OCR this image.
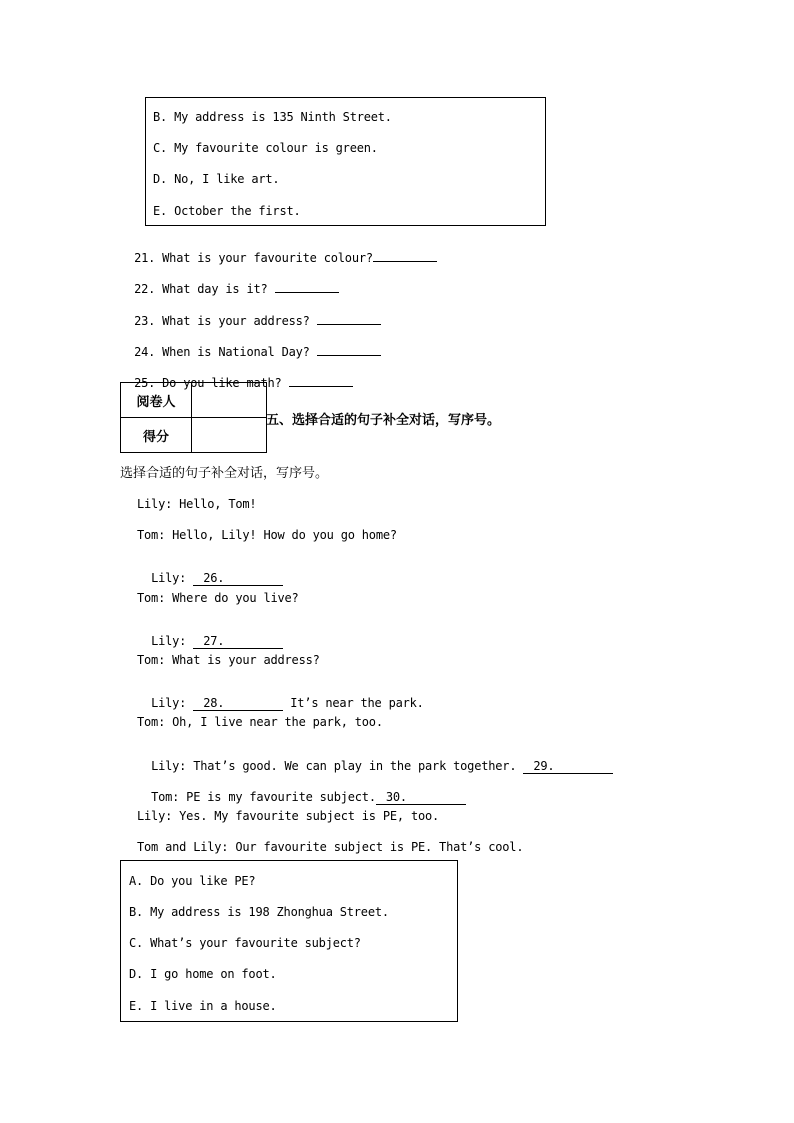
B. My address is 135 Ninth Street.
C. My favourite colour is green.
D. No, I like art.
E. October the first.

21. What is your favourite colour?

22. What day is it?

23. What is your address?

24. When is National Day?

25. Do you like math?

阅卷人	
得分	
五、选择合适的句子补全对话，写序号。
选择合适的句子补全对话，写序号。
Lily: Hello, Tom!
Tom: Hello, Lily! How do you go home?

Lily: 26.

Tom: Where do you live?

Lily: 27.

Tom: What is your address?

Lily: 28.	It’s near the park.

Tom: Oh, I live near the park, too.

Lily: That’s good. We can play in the park together. 29.

Tom: PE is my favourite subject. 30.

Lily: Yes. My favourite subject is PE, too.
Tom and Lily: Our favourite subject is PE. That’s cool.
A. Do you like PE?
B. My address is 198 Zhonghua Street.
C. What’s your favourite subject?
D. I go home on foot.
E. I live in a house.
